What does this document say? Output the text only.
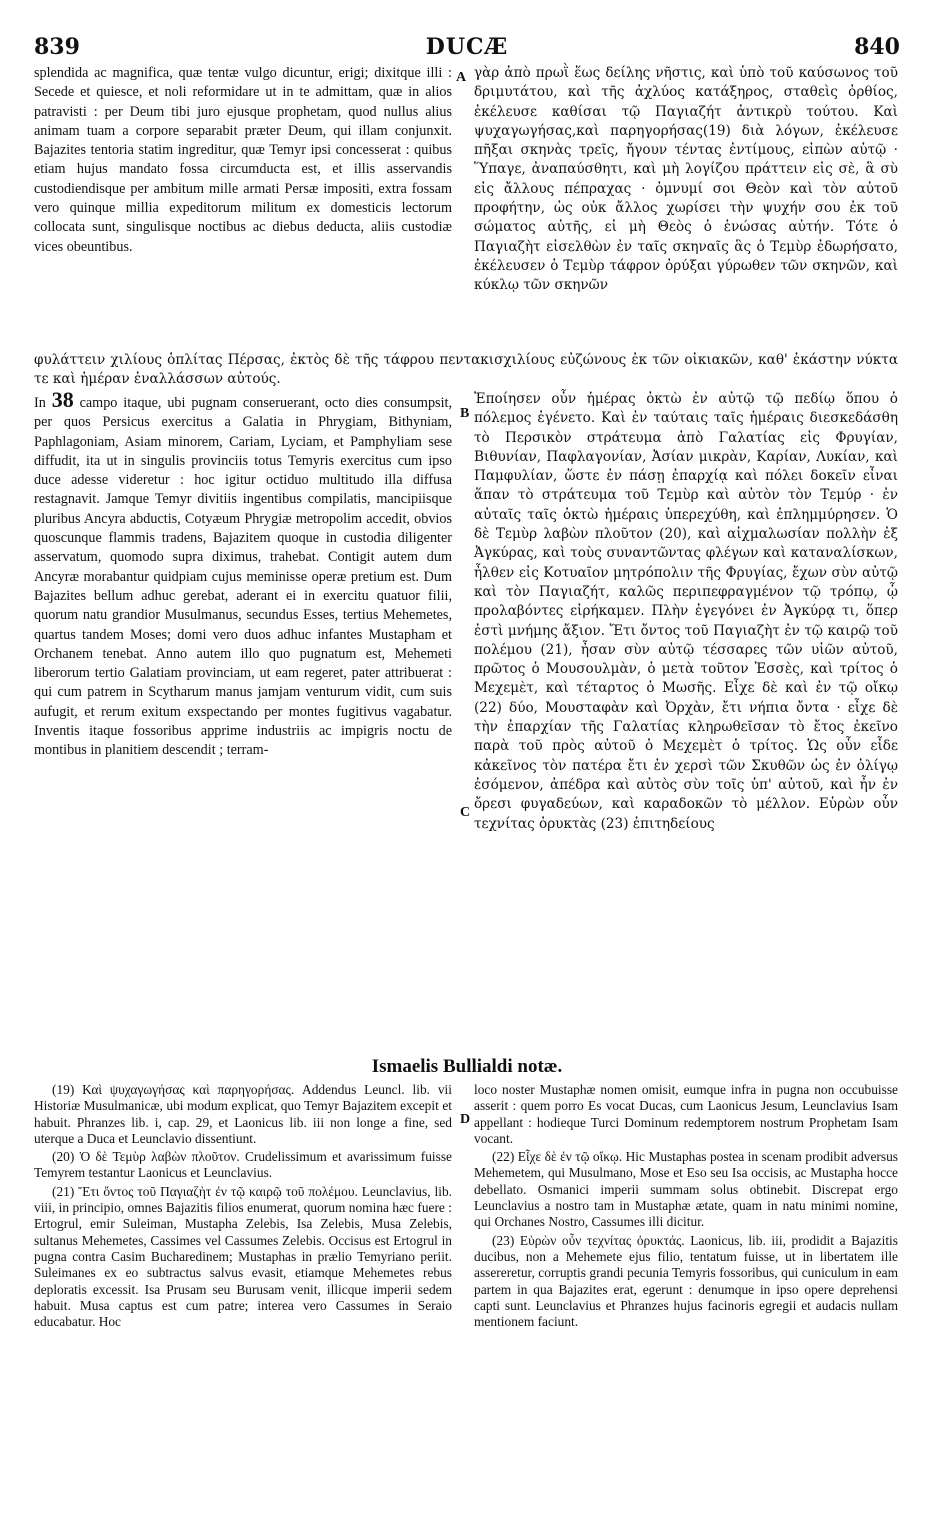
839	DUCÆ	840
A
B
C
D

splendida ac magnifica, quæ tentæ vulgo dicuntur, erigi; dixitque illi : Secede et quiesce, et noli reformidare ut in te admittam, quæ in alios patravisti : per Deum tibi juro ejusque prophetam, quod nullus alius animam tuam a corpore separabit præter Deum, qui illam conjunxit. Bajazites tentoria statim ingreditur, quæ Temyr ipsi concesserat : quibus etiam hujus mandato fossa circumducta est, et illis asservandis custodiendisque per ambitum mille armati Persæ impositi, extra fossam vero quinque millia expeditorum militum ex domesticis lectorum collocata sunt, singulisque noctibus ac diebus deducta, aliis custodiæ vices obeuntibus.

γὰρ ἀπὸ πρωῒ ἕως δείλης νῆστις, καὶ ὑπὸ τοῦ καύσωνος τοῦ δριμυτάτου, καὶ τῆς ἀχλύος κατάξηρος, σταθεὶς ὀρθίος, ἐκέλευσε καθίσαι τῷ Παγιαζήτ ἀντικρὺ τούτου. Καὶ ψυχαγωγήσας,καὶ παρηγορήσας(19) διὰ λόγων, ἐκέλευσε πῆξαι σκηνὰς τρεῖς, ἤγουν τέντας ἐντίμους, εἰπὼν αὐτῷ · Ὕπαγε, ἀναπαύσθητι, καὶ μὴ λογίζου πράττειν εἰς σὲ, ἃ σὺ εἰς ἄλλους πέπραχας · ὀμνυμί σοι Θεὸν καὶ τὸν αὐτοῦ προφήτην, ὡς οὐκ ἄλλος χωρίσει τὴν ψυχήν σου ἐκ τοῦ σώματος αὐτῆς, εἰ μὴ Θεὸς ὁ ἑνώσας αὐτήν. Τότε ὁ Παγιαζὴτ εἰσελθὼν ἐν ταῖς σκηναῖς ἃς ὁ Τεμὺρ ἐδωρήσατο, ἐκέλευσεν ὁ Τεμὺρ τάφρον ὀρύξαι γύρωθεν τῶν σκηνῶν, καὶ κύκλῳ τῶν σκηνῶν

φυλάττειν χιλίους ὁπλίτας Πέρσας, ἐκτὸς δὲ τῆς τάφρου πεντακισχιλίους εὐζώνους ἐκ τῶν οἰκιακῶν, καθ' ἑκάστην νύκτα τε καὶ ἡμέραν ἐναλλάσσων αὐτούς.

In 38 campo itaque, ubi pugnam conseruerant, octo dies consumpsit, per quos Persicus exercitus a Galatia in Phrygiam, Bithyniam, Paphlagoniam, Asiam minorem, Cariam, Lyciam, et Pamphyliam sese diffudit, ita ut in singulis provinciis totus Temyris exercitus cum ipso duce adesse videretur : hoc igitur octiduo multitudo illa diffusa restagnavit. Jamque Temyr divitiis ingentibus compilatis, mancipiisque pluribus Ancyra abductis, Cotyæum Phrygiæ metropolim accedit, obvios quoscunque flammis tradens, Bajazitem quoque in custodia diligenter asservatum, quomodo supra diximus, trahebat. Contigit autem dum Ancyræ morabantur quidpiam cujus meminisse operæ pretium est. Dum Bajazites bellum adhuc gerebat, aderant ei in exercitu quatuor filii, quorum natu grandior Musulmanus, secundus Esses, tertius Mehemetes, quartus tandem Moses; domi vero duos adhuc infantes Mustapham et Orchanem tenebat. Anno autem illo quo pugnatum est, Mehemeti liberorum tertio Galatiam provinciam, ut eam regeret, pater attribuerat : qui cum patrem in Scytharum manus jamjam venturum vidit, cum suis aufugit, et rerum exitum exspectando per montes fugitivus vagabatur. Inventis itaque fossoribus apprime industriis ac impigris noctu de montibus in planitiem descendit ; terram-

Ἐποίησεν οὖν ἡμέρας ὀκτὼ ἐν αὐτῷ τῷ πεδίῳ ὅπου ὁ πόλεμος ἐγένετο. Καὶ ἐν ταύταις ταῖς ἡμέραις διεσκεδάσθη τὸ Περσικὸν στράτευμα ἀπὸ Γαλατίας εἰς Φρυγίαν, Βιθυνίαν, Παφλαγονίαν, Ἀσίαν μικρὰν, Καρίαν, Λυκίαν, καὶ Παμφυλίαν, ὥστε ἐν πάσῃ ἐπαρχίᾳ καὶ πόλει δοκεῖν εἶναι ἅπαν τὸ στράτευμα τοῦ Τεμὺρ καὶ αὐτὸν τὸν Τεμύρ · ἐν αὐταῖς ταῖς ὀκτὼ ἡμέραις ὑπερεχύθη, καὶ ἐπλημμύρησεν. Ὁ δὲ Τεμὺρ λαβὼν πλοῦτον (20), καὶ αἰχμαλωσίαν πολλὴν ἐξ Ἀγκύρας, καὶ τοὺς συναντῶντας φλέγων καὶ καταναλίσκων, ἦλθεν εἰς Κοτυαῖον μητρόπολιν τῆς Φρυγίας, ἔχων σὺν αὐτῷ καὶ τὸν Παγιαζήτ, καλῶς περιπεφραγμένον τῷ τρόπῳ, ᾧ προλαβόντες εἰρήκαμεν. Πλὴν ἐγεγόνει ἐν Ἀγκύρᾳ τι, ὅπερ ἐστὶ μνήμης ἄξιον. Ἔτι ὄντος τοῦ Παγιαζὴτ ἐν τῷ καιρῷ τοῦ πολέμου (21), ἦσαν σὺν αὐτῷ τέσσαρες τῶν υἱῶν αὐτοῦ, πρῶτος ὁ Μουσουλμὰν, ὁ μετὰ τοῦτον Ἐσσὲς, καὶ τρίτος ὁ Μεχεμὲτ, καὶ τέταρτος ὁ Μωσῆς. Εἶχε δὲ καὶ ἐν τῷ οἴκῳ (22) δύο, Μουσταφὰν καὶ Ὀρχὰν, ἔτι νήπια ὄντα · εἶχε δὲ τὴν ἐπαρχίαν τῆς Γαλατίας κληρωθεῖσαν τὸ ἔτος ἐκεῖνο παρὰ τοῦ πρὸς αὐτοῦ ὁ Μεχεμὲτ ὁ τρίτος. Ὡς οὖν εἶδε κἀκεῖνος τὸν πατέρα ἔτι ἐν χερσὶ τῶν Σκυθῶν ὡς ἐν ὀλίγῳ ἐσόμενον, ἀπέδρα καὶ αὐτὸς σὺν τοῖς ὑπ' αὐτοῦ, καὶ ἦν ἐν ὄρεσι φυγαδεύων, καὶ καραδοκῶν τὸ μέλλον. Εὑρὼν οὖν τεχνίτας ὀρυκτὰς (23) ἐπιτηδείους

Ismaelis Bullialdi notæ.

(19) Καὶ ψυχαγωγήσας καὶ παρηγορήσας. Addendus Leuncl. lib. vii Historiæ Musulmanicæ, ubi modum explicat, quo Temyr Bajazitem excepit et habuit. Phranzes lib. i, cap. 29, et Laonicus lib. iii non longe a fine, sed uterque a Duca et Leunclavio dissentiunt.

(20) Ὁ δὲ Τεμὺρ λαβὼν πλοῦτον. Crudelissimum et avarissimum fuisse Temyrem testantur Laonicus et Leunclavius.

(21) Ἔτι ὄντος τοῦ Παγιαζὴτ ἐν τῷ καιρῷ τοῦ πολέμου. Leunclavius, lib. viii, in principio, omnes Bajazitis filios enumerat, quorum nomina hæc fuere : Ertogrul, emir Suleiman, Mustapha Zelebis, Isa Zelebis, Musa Zelebis, sultanus Mehemetes, Cassimes vel Cassumes Zelebis. Occisus est Ertogrul in pugna contra Casim Bucharedinem; Mustaphas in prælio Temyriano periit. Suleimanes ex eo subtractus salvus evasit, etiamque Mehemetes rebus deploratis excessit. Isa Prusam seu Burusam venit, illicque imperii sedem habuit. Musa captus est cum patre; interea vero Cassumes in Seraio educabatur. Hoc

loco noster Mustaphæ nomen omisit, eumque infra in pugna non occubuisse asserit : quem porro Es vocat Ducas, cum Laonicus Jesum, Leunclavius Isam appellant : hodieque Turci Dominum redemptorem nostrum Prophetam Isam vocant.

(22) Εἶχε δὲ ἐν τῷ οἴκῳ. Hic Mustaphas postea in scenam prodibit adversus Mehemetem, qui Musulmano, Mose et Eso seu Isa occisis, ac Mustapha hocce debellato. Osmanici imperii summam solus obtinebit. Discrepat ergo Leunclavius a nostro tam in Mustaphæ ætate, quam in natu minimi nomine, qui Orchanes Nostro, Cassumes illi dicitur.

(23) Εὑρὼν οὖν τεχνίτας ὀρυκτάς. Laonicus, lib. iii, prodidit a Bajazitis ducibus, non a Mehemete ejus filio, tentatum fuisse, ut in libertatem ille assereretur, corruptis grandi pecunia Temyris fossoribus, qui cuniculum in eam partem in qua Bajazites erat, egerunt : denumque in ipso opere deprehensi capti sunt. Leunclavius et Phranzes hujus facinoris egregii et audacis nullam mentionem faciunt.
